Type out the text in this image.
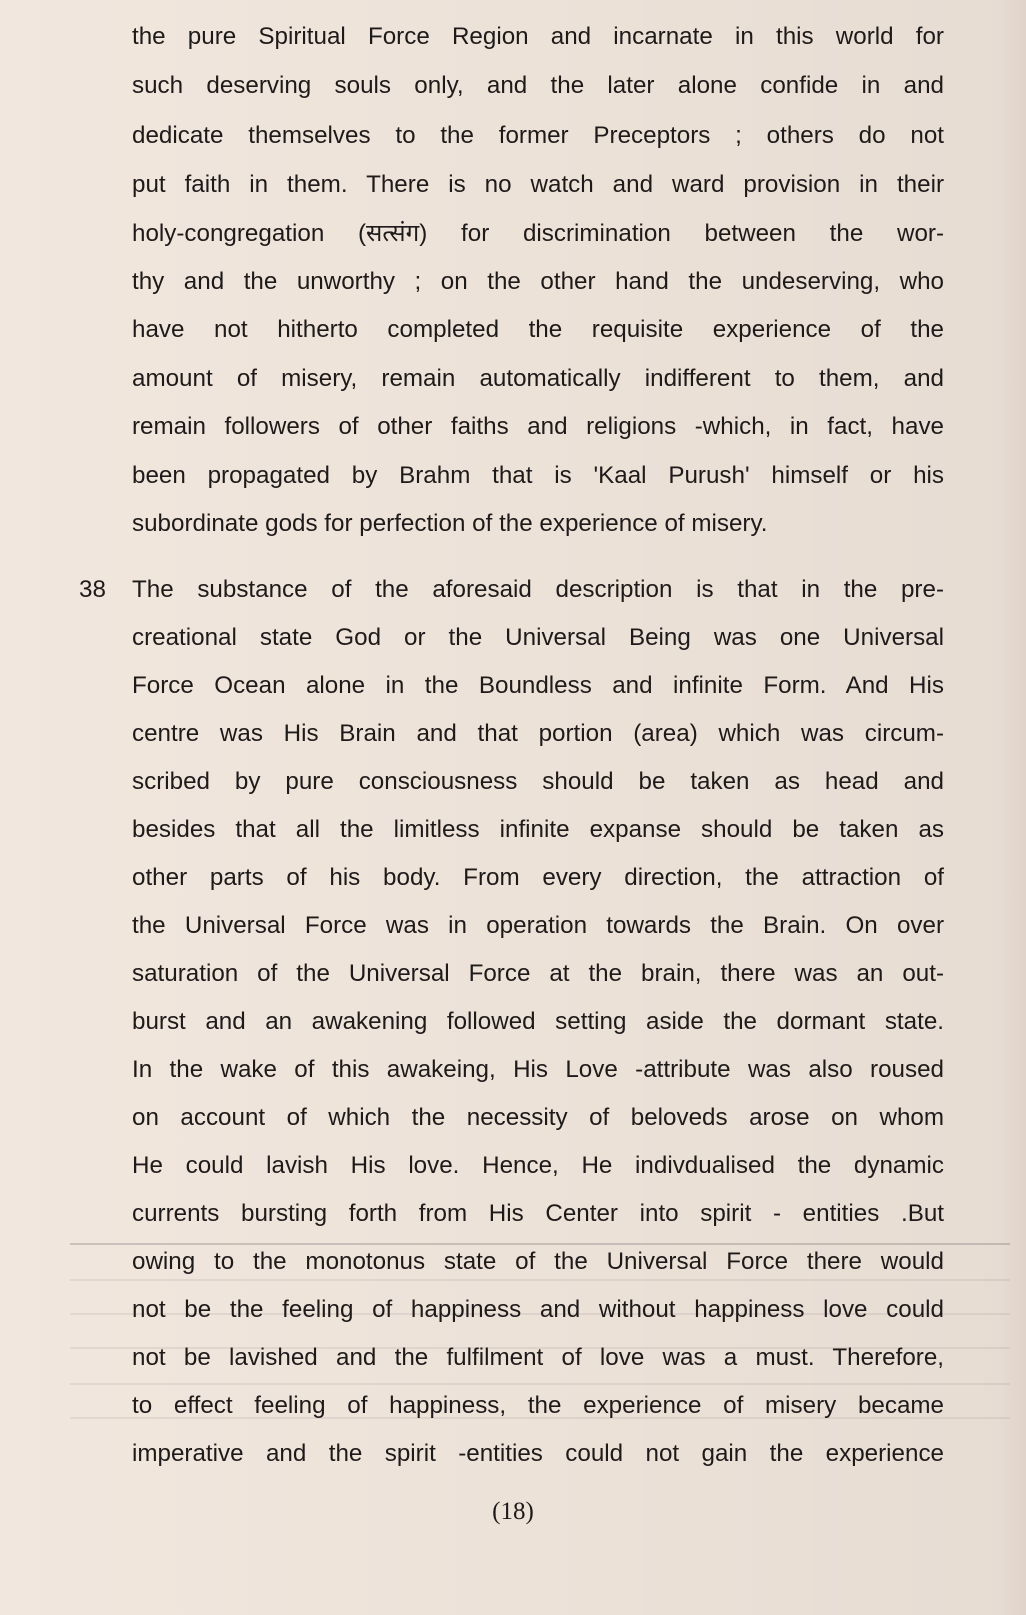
the pure Spiritual Force Region and incarnate in this world for
such deserving souls only, and the later alone confide in and
dedicate themselves to the former Preceptors ; others do not
put faith in them. There is no watch and ward provision in their
holy-congregation (सत्संग) for discrimination between the wor-
thy and the unworthy ; on the other hand the undeserving, who
have not hitherto completed the requisite experience of the
amount of misery, remain automatically indifferent to them, and
remain followers of other faiths and religions -which, in fact, have
been propagated by Brahm that is 'Kaal Purush' himself or his
subordinate gods for perfection of the experience of misery.
38 The substance of the aforesaid description is that in the pre-
creational state God or the Universal Being was one Universal
Force Ocean alone in the Boundless and infinite Form. And His
centre was His Brain and that portion (area) which was circum-
scribed by pure consciousness should be taken as head and
besides that all the limitless infinite expanse should be taken as
other parts of his body. From every direction, the attraction of
the Universal Force was in operation towards the Brain. On over
saturation of the Universal Force at the brain, there was an out-
burst and an awakening followed setting aside the dormant state.
In the wake of this awakeing, His Love -attribute was also roused
on account of which the necessity of beloveds arose on whom
He could lavish His love. Hence, He indivdualised the dynamic
currents bursting forth from His Center into spirit - entities .But
owing to the monotonus state of the Universal Force there would
not be the feeling of happiness and without happiness love could
not be lavished and the fulfilment of love was a must. Therefore,
to effect feeling of happiness, the experience of misery became
imperative and the spirit -entities could not gain the experience
(18)
